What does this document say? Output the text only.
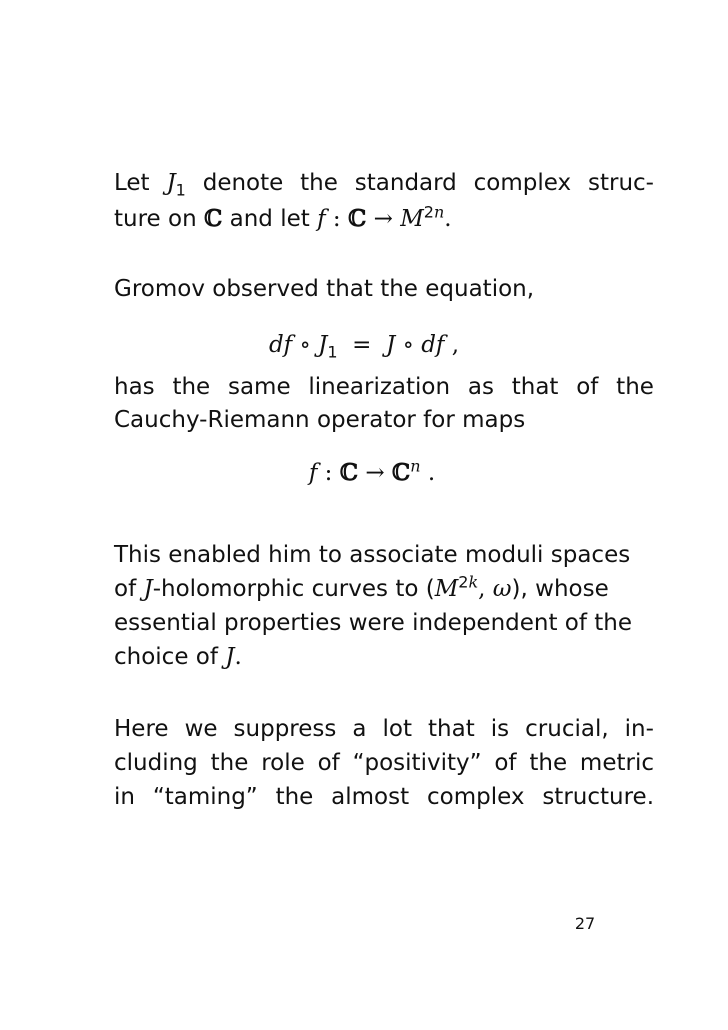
Let $J_1$ denote the standard complex struc-
ture on ℂ and let f : ℂ → $M^{2n}$.
Gromov observed that the equation,
df ∘ $J_1 = J$ ∘ df ,
has the same linearization as that of the
Cauchy-Riemann operator for maps
f : ℂ → ℂ$^n$ .
This enabled him to associate moduli spaces
of J-holomorphic curves to ($M^{2k}$, ω), whose
essential properties were independent of the
choice of J.
Here we suppress a lot that is crucial, in-
cluding the role of “positivity” of the metric
in “taming” the almost complex structure.
27
